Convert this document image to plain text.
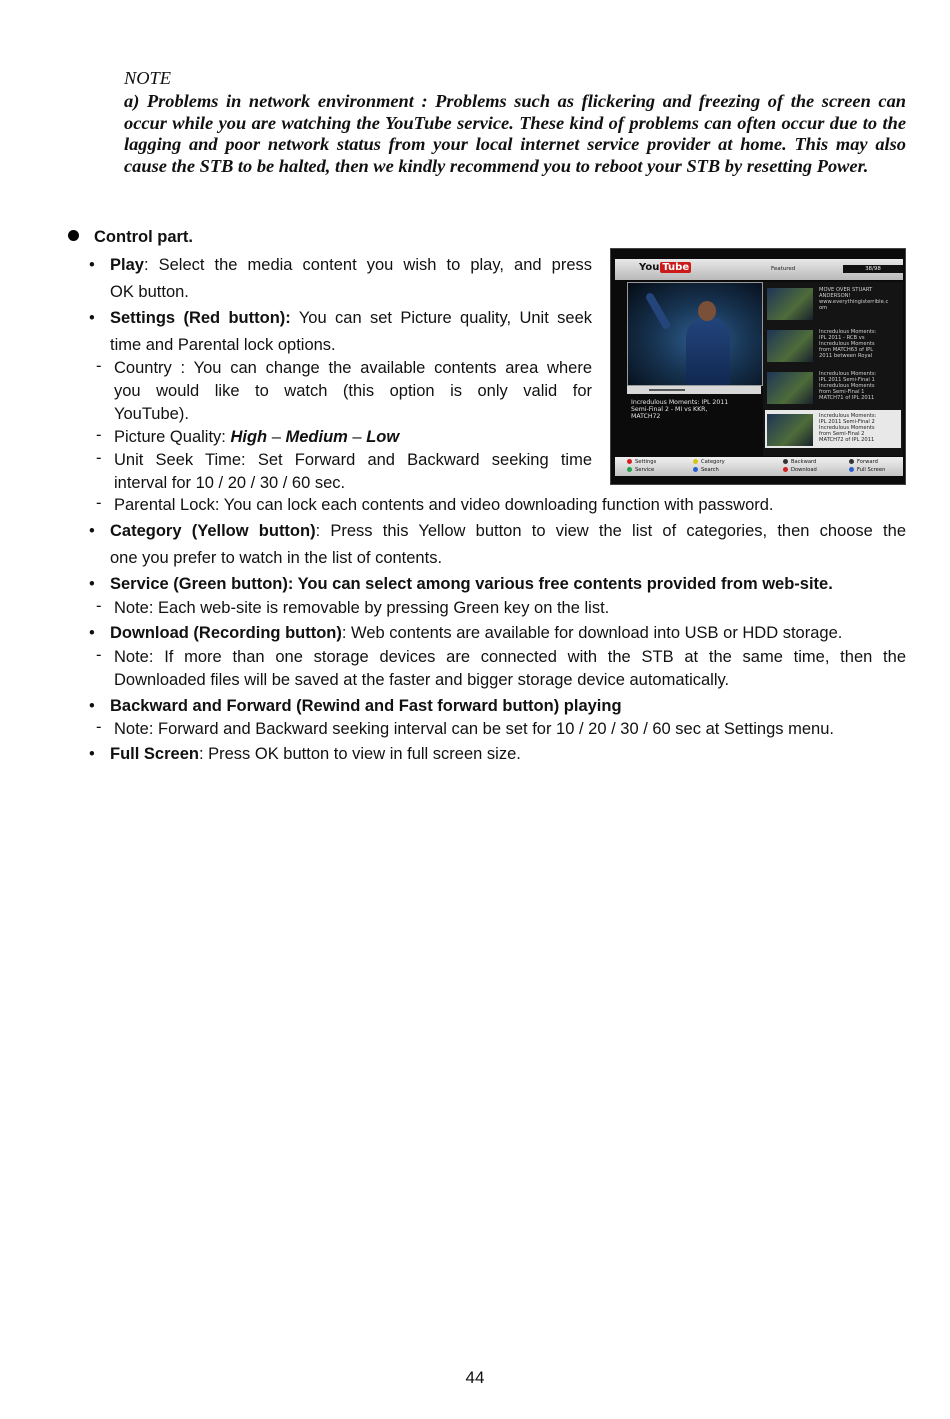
NOTE
a) Problems in network environment : Problems such as flickering and freezing of the screen can occur while you are watching the YouTube service. These kind of problems can often occur due to the lagging and poor network status from your local internet service provider at home. This may also cause the STB to be halted, then we kindly recommend you to reboot your STB by resetting Power.
Control part.
• Play: Select the media content you wish to play, and press
OK button.
• Settings (Red button): You can set Picture quality, Unit seek
time and Parental lock options.
- Country : You can change the available contents area where
you would like to watch (this option is only valid for
YouTube).
- Picture Quality: High – Medium – Low
- Unit Seek Time: Set Forward and Backward seeking time
interval for 10 / 20 / 30 / 60 sec.
- Parental Lock: You can lock each contents and video downloading function with password.
• Category (Yellow button): Press this Yellow button to view the list of categories, then choose the
one you prefer to watch in the list of contents.
• Service (Green button): You can select among various free contents provided from web-site.
- Note: Each web-site is removable by pressing Green key on the list.
• Download (Recording button): Web contents are available for download into USB or HDD storage.
- Note: If more than one storage devices are connected with the STB at the same time, then the
Downloaded files will be saved at the faster and bigger storage device automatically.
• Backward and Forward (Rewind and Fast forward button) playing
- Note: Forward and Backward seeking interval can be set for 10 / 20 / 30 / 60 sec at Settings menu.
• Full Screen: Press OK button to view in full screen size.
You Tube	Featured	38/98
Incredulous Moments: IPL 2011
Semi-Final 2 - MI vs KKR,
MATCH72
MOVE OVER STUART
ANDERSON!
www.everythingisterrible.c
om
Incredulous Moments:
IPL 2011 - RCB vs
Incredulous Moments
from MATCH63 of IPL
2011 between Royal
Incredulous Moments:
IPL 2011 Semi-Final 1
Incredulous Moments
from Semi-Final 1
MATCH71 of IPL 2011
Incredulous Moments:
IPL 2011 Semi-Final 2
Incredulous Moments
from Semi-Final 2
MATCH72 of IPL 2011
Settings
Service
Category
Search
Backward
Download
Forward
Full Screen
44
